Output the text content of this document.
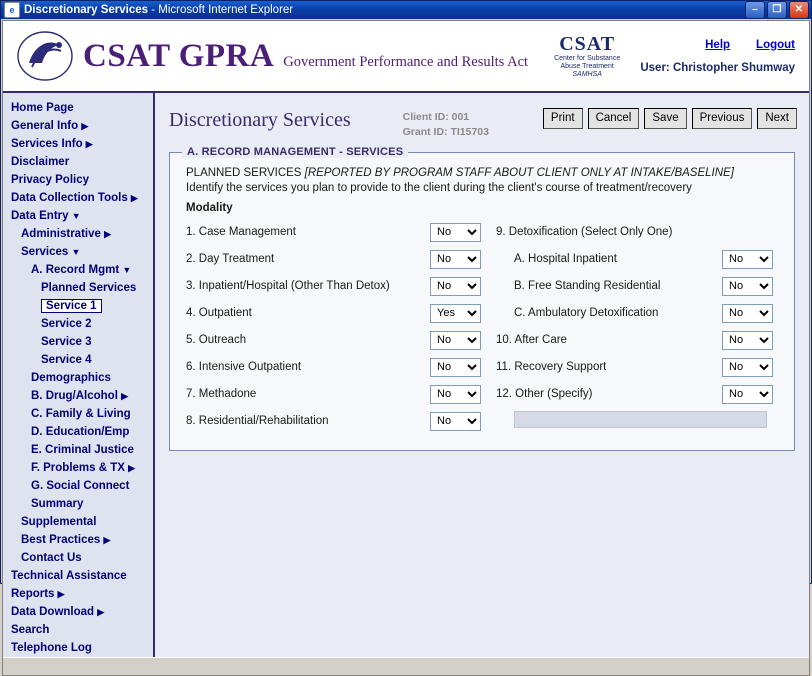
e Discretionary Services - Microsoft Internet Explorer	–	❐	✕
CSAT GPRA Government Performance and Results Act
CSAT
Center for Substance
Abuse Treatment
SAMHSA
Help Logout
User: Christopher Shumway
Home Page
General Info ▶
Services Info ▶
Disclaimer
Privacy Policy
Data Collection Tools ▶
Data Entry ▼
Administrative ▶
Services ▼
A. Record Mgmt ▼
Planned Services
Service 1
Service 2
Service 3
Service 4
Demographics
B. Drug/Alcohol ▶
C. Family & Living
D. Education/Emp
E. Criminal Justice
F. Problems & TX ▶
G. Social Connect
Summary
Supplemental
Best Practices ▶
Contact Us
Technical Assistance
Reports ▶
Data Download ▶
Search
Telephone Log
Discretionary Services	Client ID: 001
Grant ID: TI15703
Print	Cancel	Save	Previous	Next
A. RECORD MANAGEMENT - SERVICES
PLANNED SERVICES [REPORTED BY PROGRAM STAFF ABOUT CLIENT ONLY AT INTAKE/BASELINE]
Identify the services you plan to provide to the client during the client's course of treatment/recovery
Modality
1. Case Management
No
2. Day Treatment
No
3. Inpatient/Hospital (Other Than Detox)
No
4. Outpatient
Yes
5. Outreach
No
6. Intensive Outpatient
No
7. Methadone
No
8. Residential/Rehabilitation
No
9. Detoxification (Select Only One)
A. Hospital Inpatient
No
B. Free Standing Residential
No
C. Ambulatory Detoxification
No
10. After Care
No
11. Recovery Support
No
12. Other (Specify)
No
